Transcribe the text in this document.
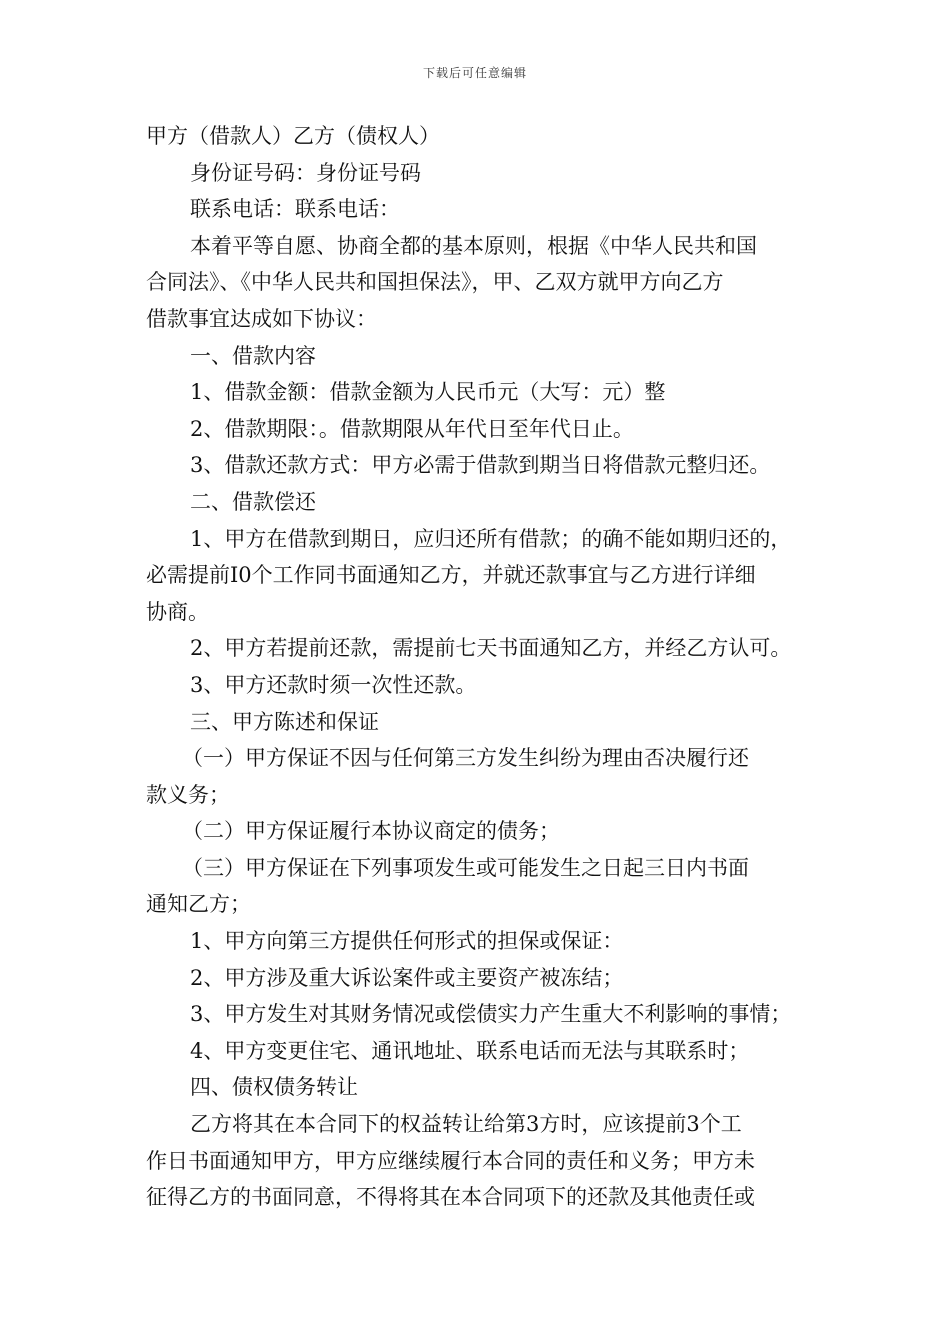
下载后可任意编辑
甲方（借款人）乙方（债权人）
身份证号码：身份证号码
联系电话：联系电话：
本着平等自愿、协商全都的基本原则，根据《中华人民共和国
合同法》、《中华人民共和国担保法》，甲、乙双方就甲方向乙方
借款事宜达成如下协议：
一、借款内容
1、借款金额：借款金额为人民币元（大写：元）整
2、借款期限：。借款期限从年代日至年代日止。
3、借款还款方式：甲方必需于借款到期当日将借款元整归还。
二、借款偿还
1、甲方在借款到期日，应归还所有借款；的确不能如期归还的，
必需提前I0个工作同书面通知乙方，并就还款事宜与乙方进行详细
协商。
2、甲方若提前还款，需提前七天书面通知乙方，并经乙方认可。
3、甲方还款时须一次性还款。
三、甲方陈述和保证
（一）甲方保证不因与任何第三方发生纠纷为理由否决履行还
款义务；
（二）甲方保证履行本协议商定的债务；
（三）甲方保证在下列事项发生或可能发生之日起三日内书面
通知乙方；
1、甲方向第三方提供任何形式的担保或保证：
2、甲方涉及重大诉讼案件或主要资产被冻结；
3、甲方发生对其财务情况或偿债实力产生重大不利影响的事情；
4、甲方变更住宅、通讯地址、联系电话而无法与其联系时；
四、债权债务转让
乙方将其在本合同下的权益转让给第3方时，应该提前3个工
作日书面通知甲方，甲方应继续履行本合同的责任和义务；甲方未
征得乙方的书面同意，不得将其在本合同项下的还款及其他责任或
